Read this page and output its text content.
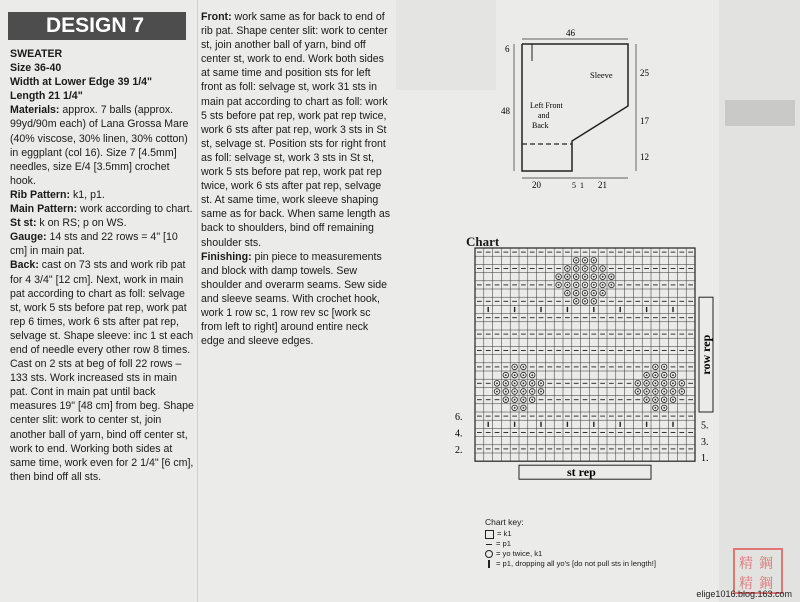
DESIGN 7

SWEATER

Size 36-40

Width at Lower Edge 39 1/4"

Length 21 1/4"

Materials: approx. 7 balls (approx. 99yd/90m each) of Lana Grossa Mare (40% viscose, 30% linen, 30% cotton) in eggplant (col 16). Size 7 [4.5mm] needles, size E/4 [3.5mm] crochet hook.

Rib Pattern: k1, p1.

Main Pattern: work according to chart.

St st: k on RS; p on WS.

Gauge: 14 sts and 22 rows = 4" [10 cm] in main pat.

Back: cast on 73 sts and work rib pat for 4 3/4" [12 cm]. Next, work in main pat according to chart as foll: selvage st, work 5 sts before pat rep, work pat rep 6 times, work 6 sts after pat rep, selvage st. Shape sleeve: inc 1 st each end of needle every other row 8 times. Cast on 2 sts at beg of foll 22 rows – 133 sts. Work increased sts in main pat. Cont in main pat until back measures 19" [48 cm] from beg. Shape center slit: work to center st, join another ball of yarn, bind off center st, work to end. Working both sides at same time, work even for 2 1/4" [6 cm], then bind off all sts.

Front: work same as for back to end of rib pat. Shape center slit: work to center st, join another ball of yarn, bind off center st, work to end. Work both sides at same time and position sts for left front as foll: selvage st, work 31 sts in main pat according to chart as foll: work 5 sts before pat rep, work pat rep twice, work 6 sts after pat rep, work 3 sts in St st, selvage st. Position sts for right front as foll: selvage st, work 3 sts in St st, work 5 sts before pat rep, work pat rep twice, work 6 sts after pat rep, selvage st. At same time, work sleeve shaping same as for back. When same length as back to shoulders, bind off remaining shoulder sts.

Finishing: pin piece to measurements and block with damp towels. Sew shoulder and overarm seams. Sew side and sleeve seams. With crochet hook, work 1 row sc, 1 row rev sc [work sc from left to right] around entire neck edge and sleeve edges.

46
6
48
25
17
12
20	5 1 21
Sleeve
Left Front
and
Back
Chart
st rep
row rep
6.
4.
2.
5.
3.
1.
Chart key:
= k1
= p1
= yo twice, k1
= p1, dropping all yo's [do not pull sts in length!]	精 鋼
精 鋼
elige1016.blog.163.com
